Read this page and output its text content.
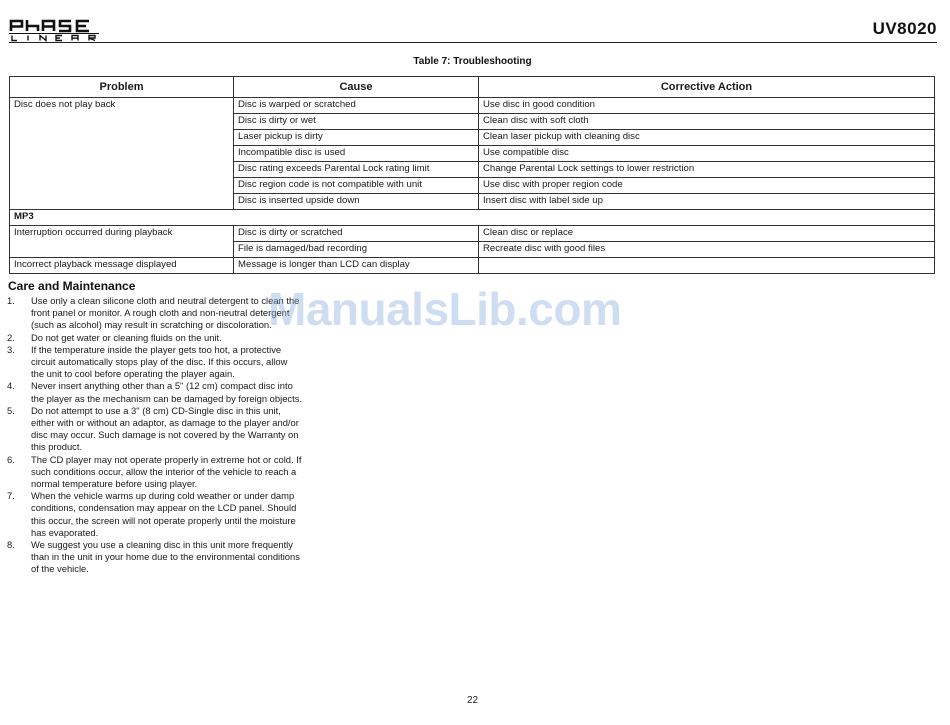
UV8020
Table 7: Troubleshooting
Problem	Cause	Corrective Action
Disc does not play back	Disc is warped or scratched	Use disc in good condition
	Disc is dirty or wet	Clean disc with soft cloth
	Laser pickup is dirty	Clean laser pickup with cleaning disc
	Incompatible disc is used	Use compatible disc
	Disc rating exceeds Parental Lock rating limit	Change Parental Lock settings to lower restriction
	Disc region code is not compatible with unit	Use disc with proper region code
	Disc is inserted upside down	Insert disc with label side up
MP3		
Interruption occurred during playback	Disc is dirty or scratched	Clean disc or replace
	File is damaged/bad recording	Recreate disc with good files
Incorrect playback message displayed	Message is longer than LCD can display	
Care and Maintenance
1. Use only a clean silicone cloth and neutral detergent to clean the front panel or monitor. A rough cloth and non-neutral detergent (such as alcohol) may result in scratching or discoloration.
2. Do not get water or cleaning fluids on the unit.
3. If the temperature inside the player gets too hot, a protective circuit automatically stops play of the disc. If this occurs, allow the unit to cool before operating the player again.
4. Never insert anything other than a 5" (12 cm) compact disc into the player as the mechanism can be damaged by foreign objects.
5. Do not attempt to use a 3" (8 cm) CD-Single disc in this unit, either with or without an adaptor, as damage to the player and/or disc may occur. Such damage is not covered by the Warranty on this product.
6. The CD player may not operate properly in extreme hot or cold. If such conditions occur, allow the interior of the vehicle to reach a normal temperature before using player.
7. When the vehicle warms up during cold weather or under damp conditions, condensation may appear on the LCD panel. Should this occur, the screen will not operate properly until the moisture has evaporated.
8. We suggest you use a cleaning disc in this unit more frequently than in the unit in your home due to the environmental conditions of the vehicle.
ManualsLib.com
22
